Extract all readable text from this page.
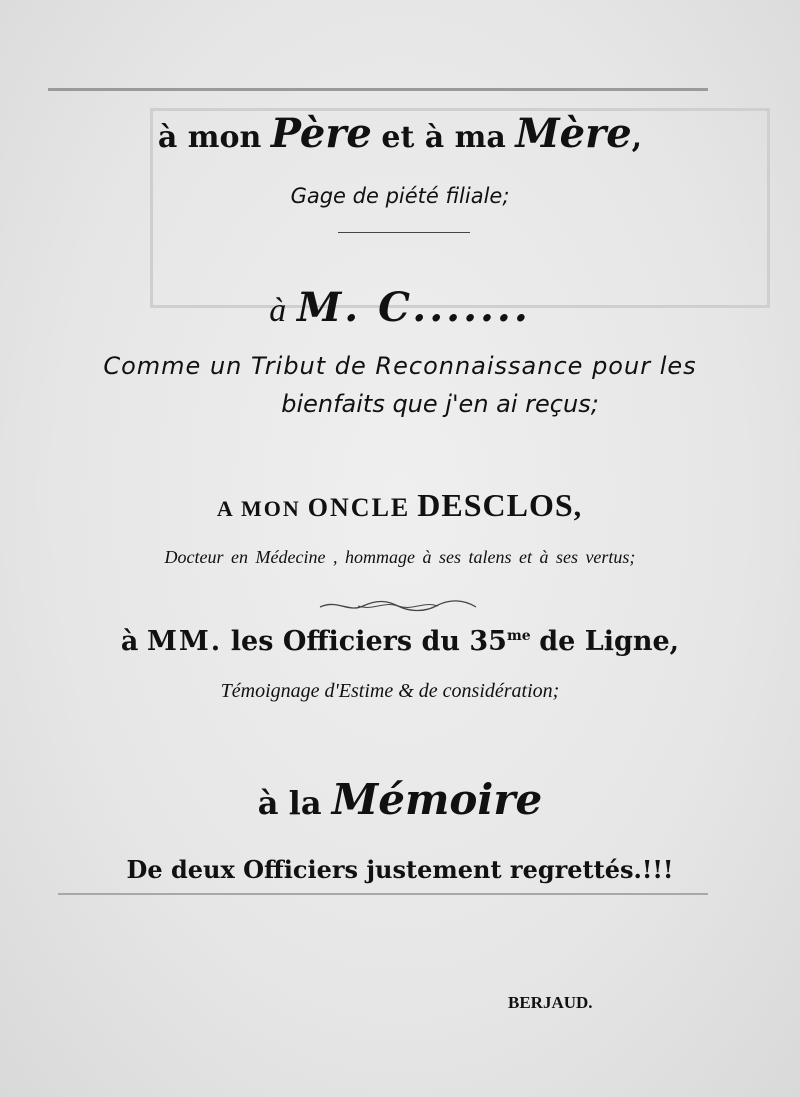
à mon Père et à ma Mère,
Gage de piété filiale;
à M. C.......
Comme un Tribut de Reconnaissance pour les
bienfaits que j'en ai reçus;
A MON ONCLE DESCLOS,
Docteur en Médecine , hommage à ses talens et à ses vertus;
à MM. les Officiers du $35^{me}$ de Ligne,
Témoignage d'Estime & de considération;
à la Mémoire
De deux Officiers justement regrettés.!!!
BERJAUD.
